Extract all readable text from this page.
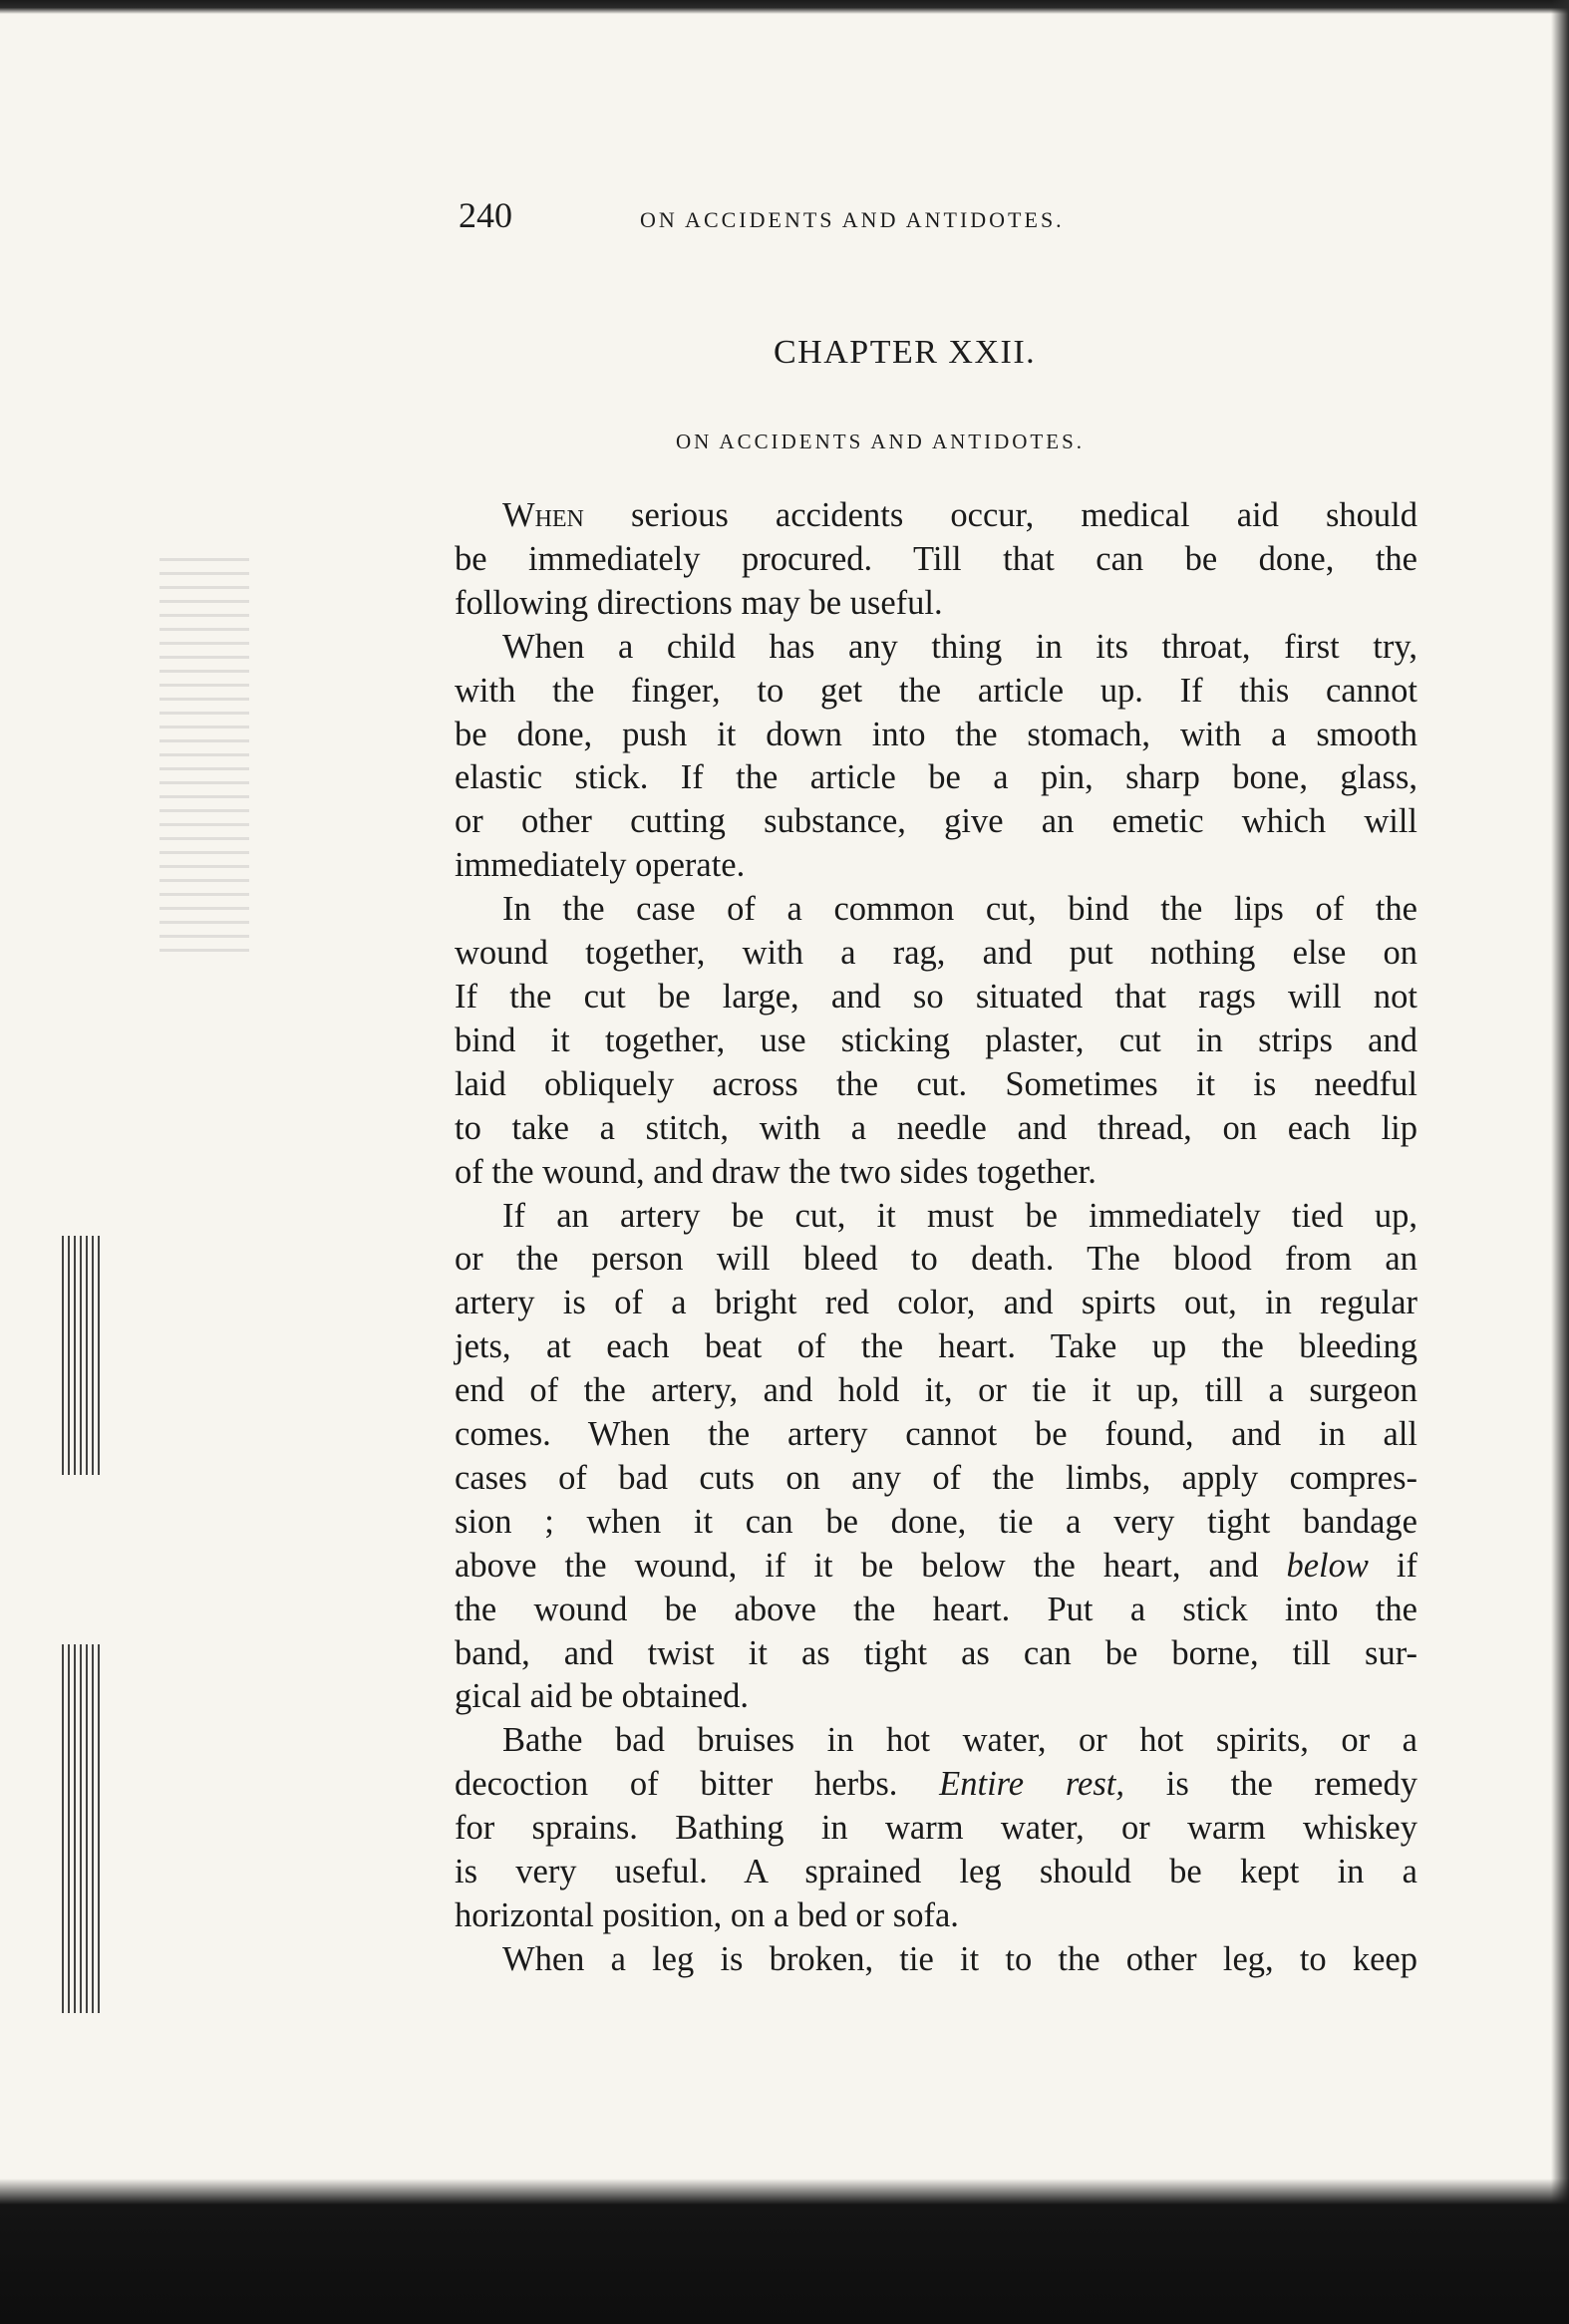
240	ON ACCIDENTS AND ANTIDOTES.
CHAPTER XXII.
ON ACCIDENTS AND ANTIDOTES.
When serious accidents occur, medical aid should
be immediately procured. Till that can be done, the
following directions may be useful.
When a child has any thing in its throat, first try,
with the finger, to get the article up. If this cannot
be done, push it down into the stomach, with a smooth
elastic stick. If the article be a pin, sharp bone, glass,
or other cutting substance, give an emetic which will
immediately operate.
In the case of a common cut, bind the lips of the
wound together, with a rag, and put nothing else on
If the cut be large, and so situated that rags will not
bind it together, use sticking plaster, cut in strips and
laid obliquely across the cut. Sometimes it is needful
to take a stitch, with a needle and thread, on each lip
of the wound, and draw the two sides together.
If an artery be cut, it must be immediately tied up,
or the person will bleed to death. The blood from an
artery is of a bright red color, and spirts out, in regular
jets, at each beat of the heart. Take up the bleeding
end of the artery, and hold it, or tie it up, till a surgeon
comes. When the artery cannot be found, and in all
cases of bad cuts on any of the limbs, apply compres-
sion ; when it can be done, tie a very tight bandage
above the wound, if it be below the heart, and below if
the wound be above the heart. Put a stick into the
band, and twist it as tight as can be borne, till sur-
gical aid be obtained.
Bathe bad bruises in hot water, or hot spirits, or a
decoction of bitter herbs. Entire rest, is the remedy
for sprains. Bathing in warm water, or warm whiskey
is very useful. A sprained leg should be kept in a
horizontal position, on a bed or sofa.
When a leg is broken, tie it to the other leg, to keep
